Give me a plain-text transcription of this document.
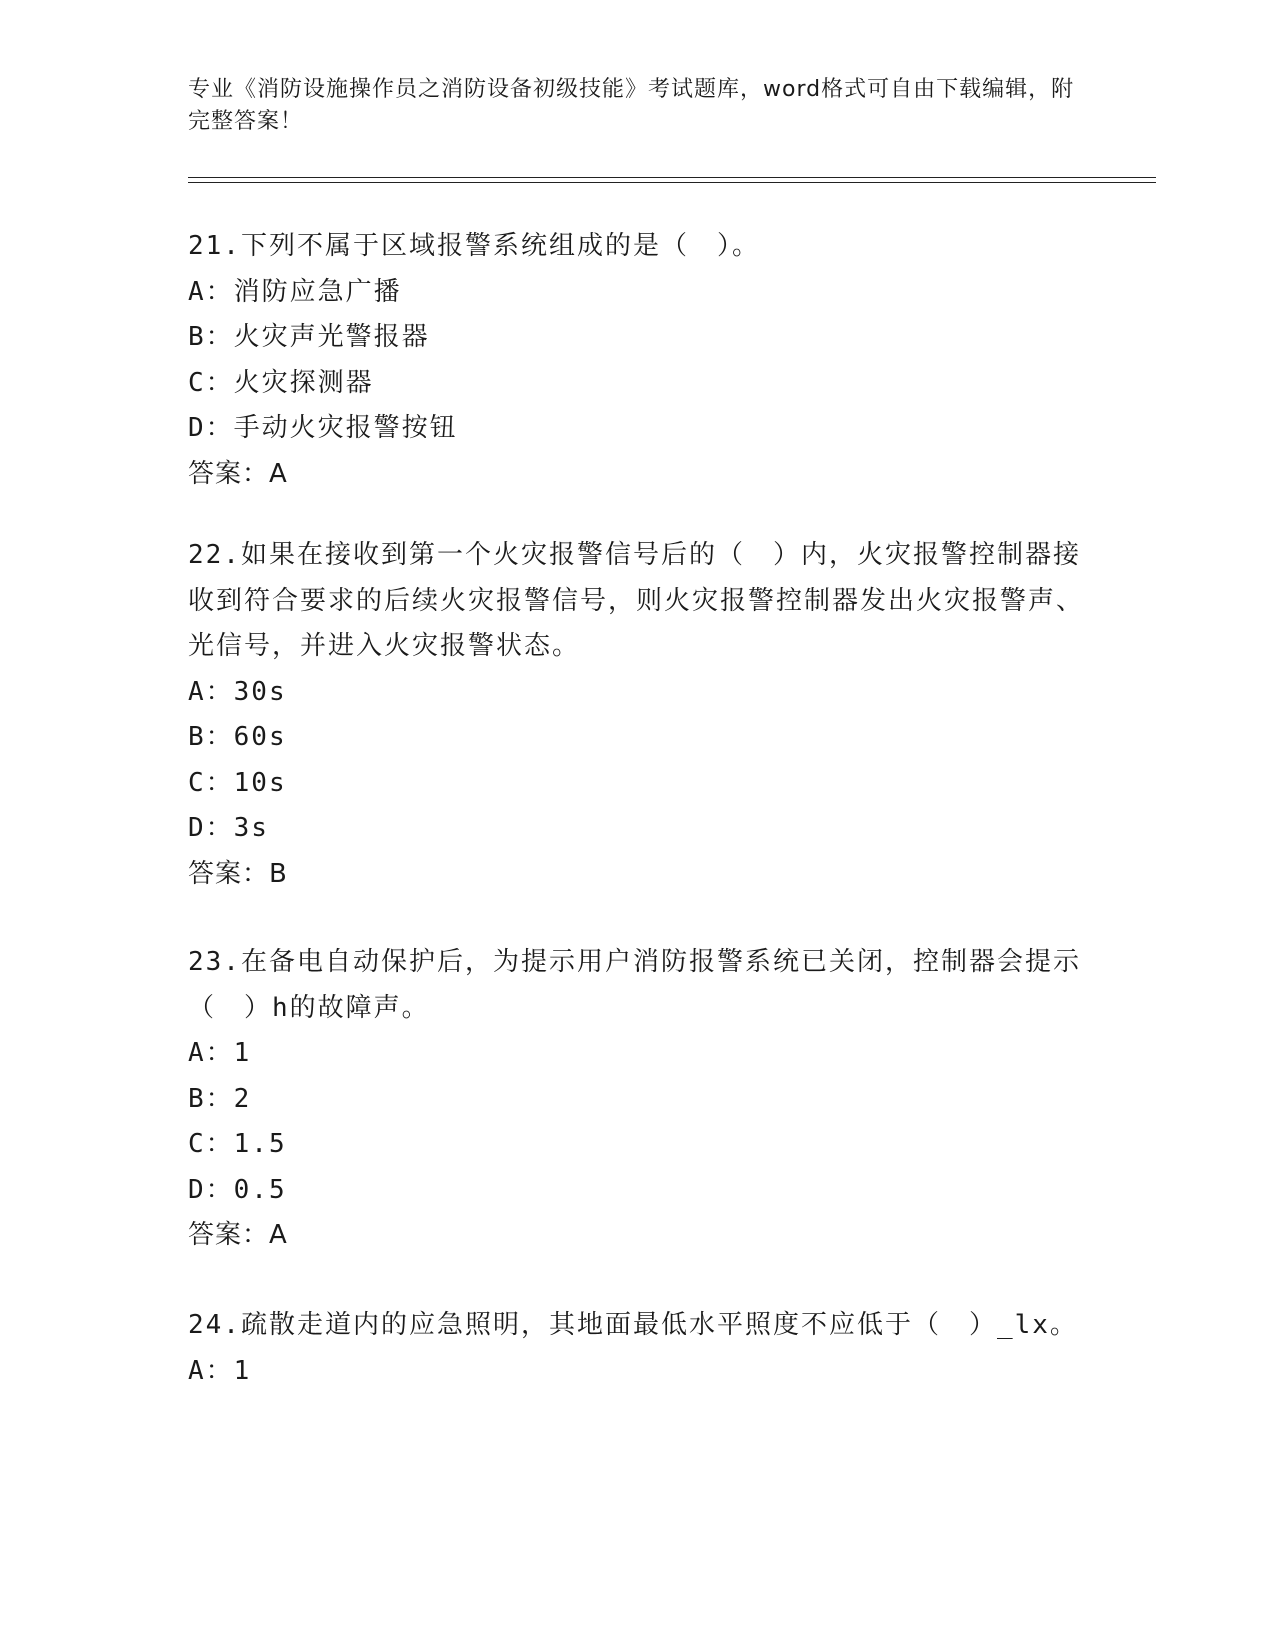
专业《消防设施操作员之消防设备初级技能》考试题库，word格式可自由下载编辑，附完整答案！

21.下列不属于区域报警系统组成的是（　）。

A：消防应急广播

B：火灾声光警报器

C：火灾探测器

D：手动火灾报警按钮

答案：A

22.如果在接收到第一个火灾报警信号后的（　）内，火灾报警控制器接收到符合要求的后续火灾报警信号，则火灾报警控制器发出火灾报警声、光信号，并进入火灾报警状态。

A：30s

B：60s

C：10s

D：3s

答案：B

23.在备电自动保护后，为提示用户消防报警系统已关闭，控制器会提示（　）h的故障声。

A：1

B：2

C：1.5

D：0.5

答案：A

24.疏散走道内的应急照明，其地面最低水平照度不应低于（　）_lx。

A：1
